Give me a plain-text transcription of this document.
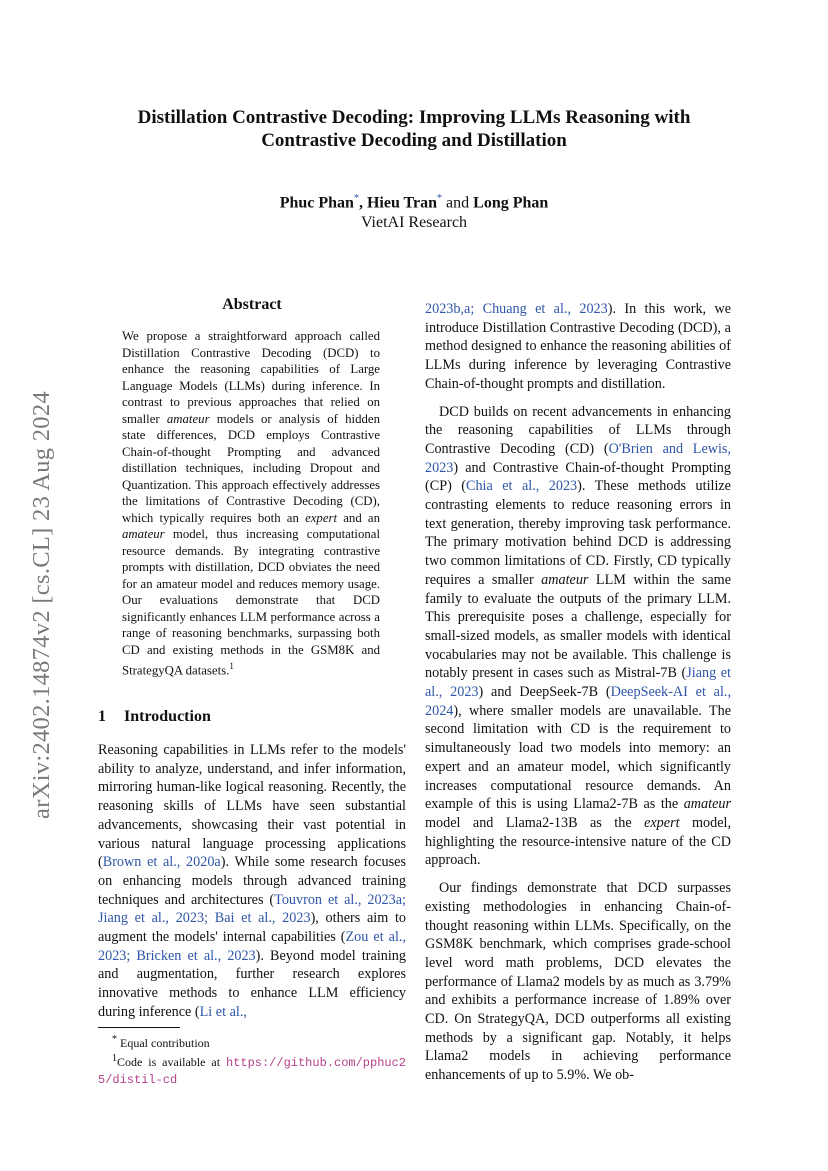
arXiv:2402.14874v2 [cs.CL] 23 Aug 2024
Distillation Contrastive Decoding: Improving LLMs Reasoning with Contrastive Decoding and Distillation
Phuc Phan*, Hieu Tran* and Long Phan
VietAI Research
Abstract
We propose a straightforward approach called Distillation Contrastive Decoding (DCD) to enhance the reasoning capabilities of Large Language Models (LLMs) during inference. In contrast to previous approaches that relied on smaller amateur models or analysis of hidden state differences, DCD employs Contrastive Chain-of-thought Prompting and advanced distillation techniques, including Dropout and Quantization. This approach effectively addresses the limitations of Contrastive Decoding (CD), which typically requires both an expert and an amateur model, thus increasing computational resource demands. By integrating contrastive prompts with distillation, DCD obviates the need for an amateur model and reduces memory usage. Our evaluations demonstrate that DCD significantly enhances LLM performance across a range of reasoning benchmarks, surpassing both CD and existing methods in the GSM8K and StrategyQA datasets.$^1$
1 Introduction

Reasoning capabilities in LLMs refer to the models' ability to analyze, understand, and infer information, mirroring human-like logical reasoning. Recently, the reasoning skills of LLMs have seen substantial advancements, showcasing their vast potential in various natural language processing applications (Brown et al., 2020a). While some research focuses on enhancing models through advanced training techniques and architectures (Touvron et al., 2023a; Jiang et al., 2023; Bai et al., 2023), others aim to augment the models' internal capabilities (Zou et al., 2023; Bricken et al., 2023). Beyond model training and augmentation, further research explores innovative methods to enhance LLM efficiency during inference (Li et al.,

* Equal contribution
$^1$Code is available at https://github.com/pphuc25/distil-cd

2023b,a; Chuang et al., 2023). In this work, we introduce Distillation Contrastive Decoding (DCD), a method designed to enhance the reasoning abilities of LLMs during inference by leveraging Contrastive Chain-of-thought prompts and distillation.

DCD builds on recent advancements in enhancing the reasoning capabilities of LLMs through Contrastive Decoding (CD) (O'Brien and Lewis, 2023) and Contrastive Chain-of-thought Prompting (CP) (Chia et al., 2023). These methods utilize contrasting elements to reduce reasoning errors in text generation, thereby improving task performance. The primary motivation behind DCD is addressing two common limitations of CD. Firstly, CD typically requires a smaller amateur LLM within the same family to evaluate the outputs of the primary LLM. This prerequisite poses a challenge, especially for small-sized models, as smaller models with identical vocabularies may not be available. This challenge is notably present in cases such as Mistral-7B (Jiang et al., 2023) and DeepSeek-7B (DeepSeek-AI et al., 2024), where smaller models are unavailable. The second limitation with CD is the requirement to simultaneously load two models into memory: an expert and an amateur model, which significantly increases computational resource demands. An example of this is using Llama2-7B as the amateur model and Llama2-13B as the expert model, highlighting the resource-intensive nature of the CD approach.

Our findings demonstrate that DCD surpasses existing methodologies in enhancing Chain-of-thought reasoning within LLMs. Specifically, on the GSM8K benchmark, which comprises grade-school level word math problems, DCD elevates the performance of Llama2 models by as much as 3.79% and exhibits a performance increase of 1.89% over CD. On StrategyQA, DCD outperforms all existing methods by a significant gap. Notably, it helps Llama2 models in achieving performance enhancements of up to 5.9%. We ob-
